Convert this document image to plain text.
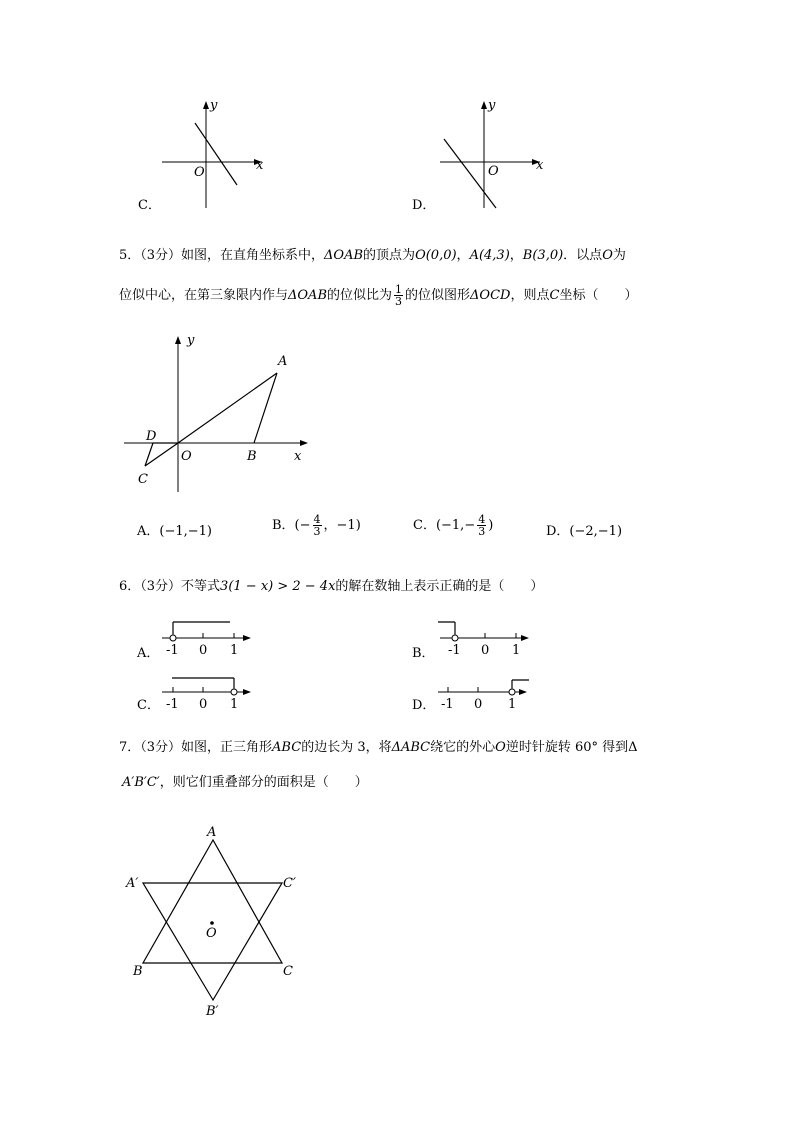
x
y
O
C．
x
y
O
D．
5．（3分）如图，在直角坐标系中，ΔOAB的顶点为O(0,0)，A(4,3)，B(3,0)．以点O为
位似中心，在第三象限内作与ΔOAB的位似比为 $\frac{1}{3}$ 的位似图形ΔOCD，则点C坐标（　　）
A
B
C
D
O	x
y
A．(−1,−1)	B．(− $\frac{4}{3}$ ，−1)	C．($-1,- \frac{4}{3}$ )	D．(−2,−1)
6．（3分）不等式3(1 − x) > 2 − 4x的解在数轴上表示正确的是（　　）
A． -1 0 1	B． -1 0 1
C． -1 0 1	D． -1 0 1
7．（3分）如图，正三角形ABC的边长为 3，将ΔABC绕它的外心O逆时针旋转 60° 得到Δ
A′B′C′，则它们重叠部分的面积是（　　）
A
B	C
A′
B′
C′
O
